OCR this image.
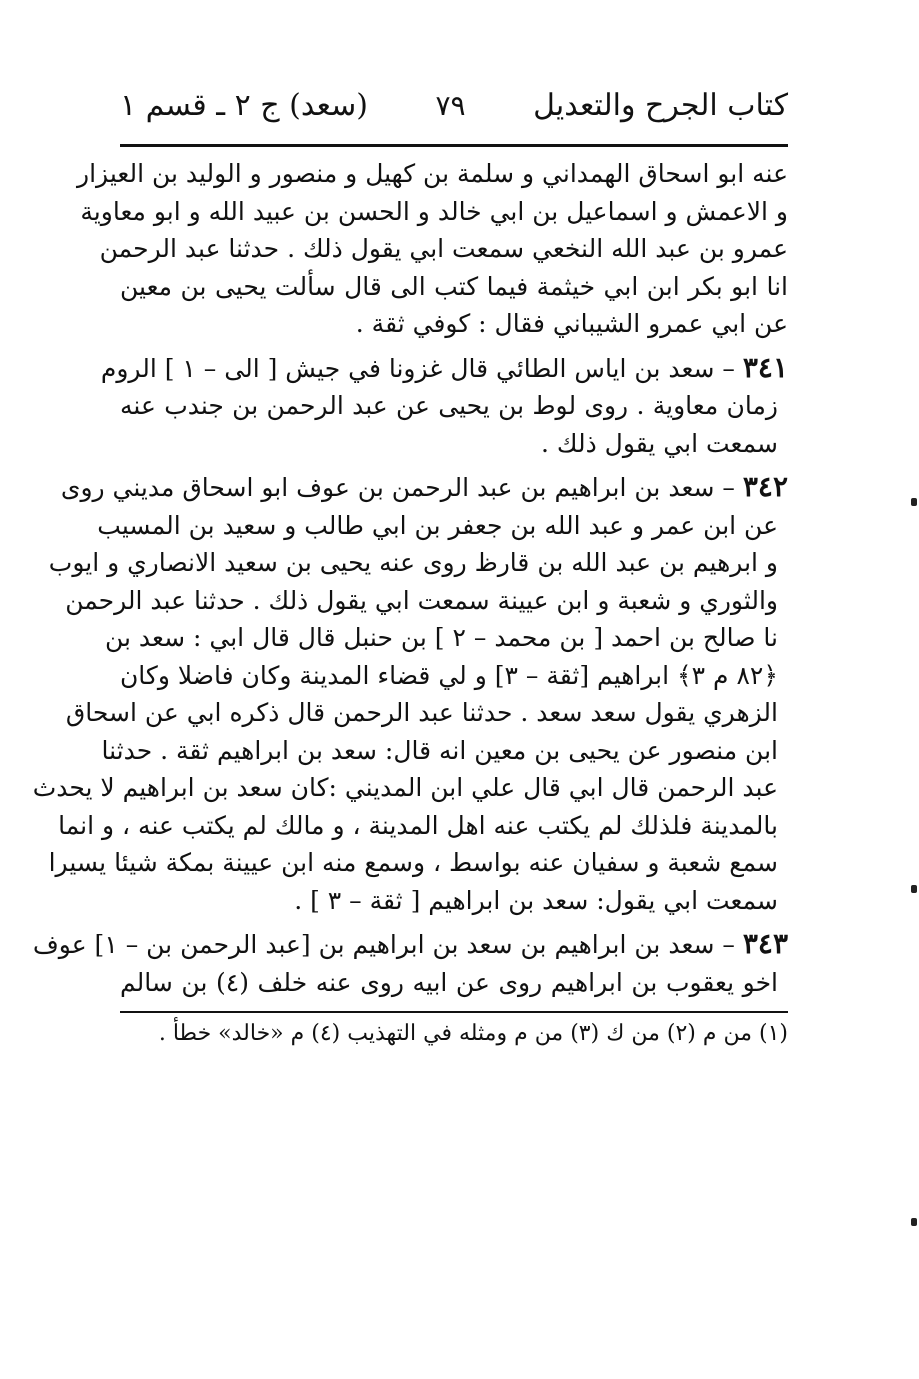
كتاب الجرح والتعديل
٧٩
(سعد) ج ٢ ـ قسم ١
عنه ابو اسحاق الهمداني و سلمة بن كهيل و منصور و الوليد بن العيزار
و الاعمش و اسماعيل بن ابي خالد و الحسن بن عبيد الله و ابو معاوية
عمرو بن عبد الله النخعي سمعت ابي يقول ذلك . حدثنا عبد الرحمن
انا ابو بكر ابن ابي خيثمة فيما كتب الى قال سألت يحيى بن معين
عن ابي عمرو الشيباني فقال : كوفي ثقة .
٣٤١ – سعد بن اياس الطائي قال غزونا في جيش [ الى – ١ ] الروم
زمان معاوية . روى لوط بن يحيى عن عبد الرحمن بن جندب عنه
سمعت ابي يقول ذلك .
٣٤٢ – سعد بن ابراهيم بن عبد الرحمن بن عوف ابو اسحاق مديني روى
عن ابن عمر و عبد الله بن جعفر بن ابي طالب و سعيد بن المسيب
و ابرهيم بن عبد الله بن قارظ روى عنه يحيى بن سعيد الانصاري و ايوب
والثوري و شعبة و ابن عيينة سمعت ابي يقول ذلك . حدثنا عبد الرحمن
نا صالح بن احمد [ بن محمد – ٢ ] بن حنبل قال قال ابي : سعد بن
﴿٨٢ م ٣﴾ ابراهيم [ثقة – ٣] و لي قضاء المدينة وكان فاضلا وكان
الزهري يقول سعد سعد . حدثنا عبد الرحمن قال ذكره ابي عن اسحاق
ابن منصور عن يحيى بن معين انه قال: سعد بن ابراهيم ثقة . حدثنا
عبد الرحمن قال ابي قال علي ابن المديني :كان سعد بن ابراهيم لا يحدث
بالمدينة فلذلك لم يكتب عنه اهل المدينة ، و مالك لم يكتب عنه ، و انما
سمع شعبة و سفيان عنه بواسط ، وسمع منه ابن عيينة بمكة شيئا يسيرا
سمعت ابي يقول: سعد بن ابراهيم [ ثقة – ٣ ] .
٣٤٣ – سعد بن ابراهيم بن سعد بن ابراهيم بن [عبد الرحمن بن – ١] عوف
اخو يعقوب بن ابراهيم روى عن ابيه روى عنه خلف (٤) بن سالم
(١) من م (٢) من ك (٣) من م ومثله في التهذيب (٤) م «خالد» خطأ .
